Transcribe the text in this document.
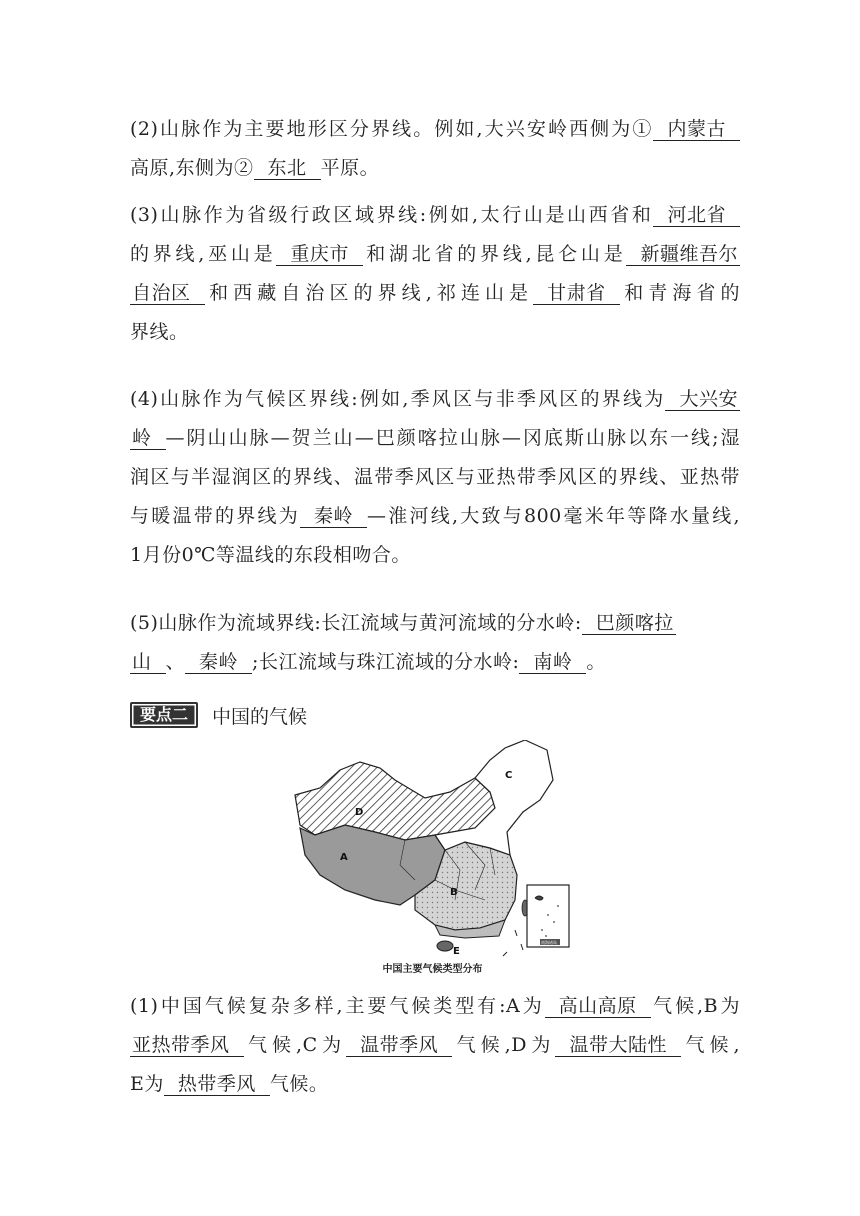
(2)山脉作为主要地形区分界线。例如,大兴安岭西侧为① 内蒙古
高原,东侧为② 东北 平原。
(3)山脉作为省级行政区域界线:例如,太行山是山西省和 河北省
的界线,巫山是 重庆市 和湖北省的界线,昆仑山是 新疆维吾尔
自治区 和西藏自治区的界线,祁连山是 甘肃省 和青海省的
界线。
(4)山脉作为气候区界线:例如,季风区与非季风区的界线为 大兴安
岭 —阴山山脉—贺兰山—巴颜喀拉山脉—冈底斯山脉以东一线;湿
润区与半湿润区的界线、温带季风区与亚热带季风区的界线、亚热带
与暖温带的界线为 秦岭 —淮河线,大致与800毫米年等降水量线,
1月份0℃等温线的东段相吻合。
(5)山脉作为流域界线:长江流域与黄河流域的分水岭: 巴颜喀拉
山 、 秦岭 ;长江流域与珠江流域的分水岭: 南岭 。
要点二	中国的气候
A
B
C
D
E
南海诸岛
中国主要气候类型分布
(1)中国气候复杂多样,主要气候类型有:A为 高山高原 气候,B为
亚热带季风 气候,C为 温带季风 气候,D为 温带大陆性 气候,
E为 热带季风 气候。
